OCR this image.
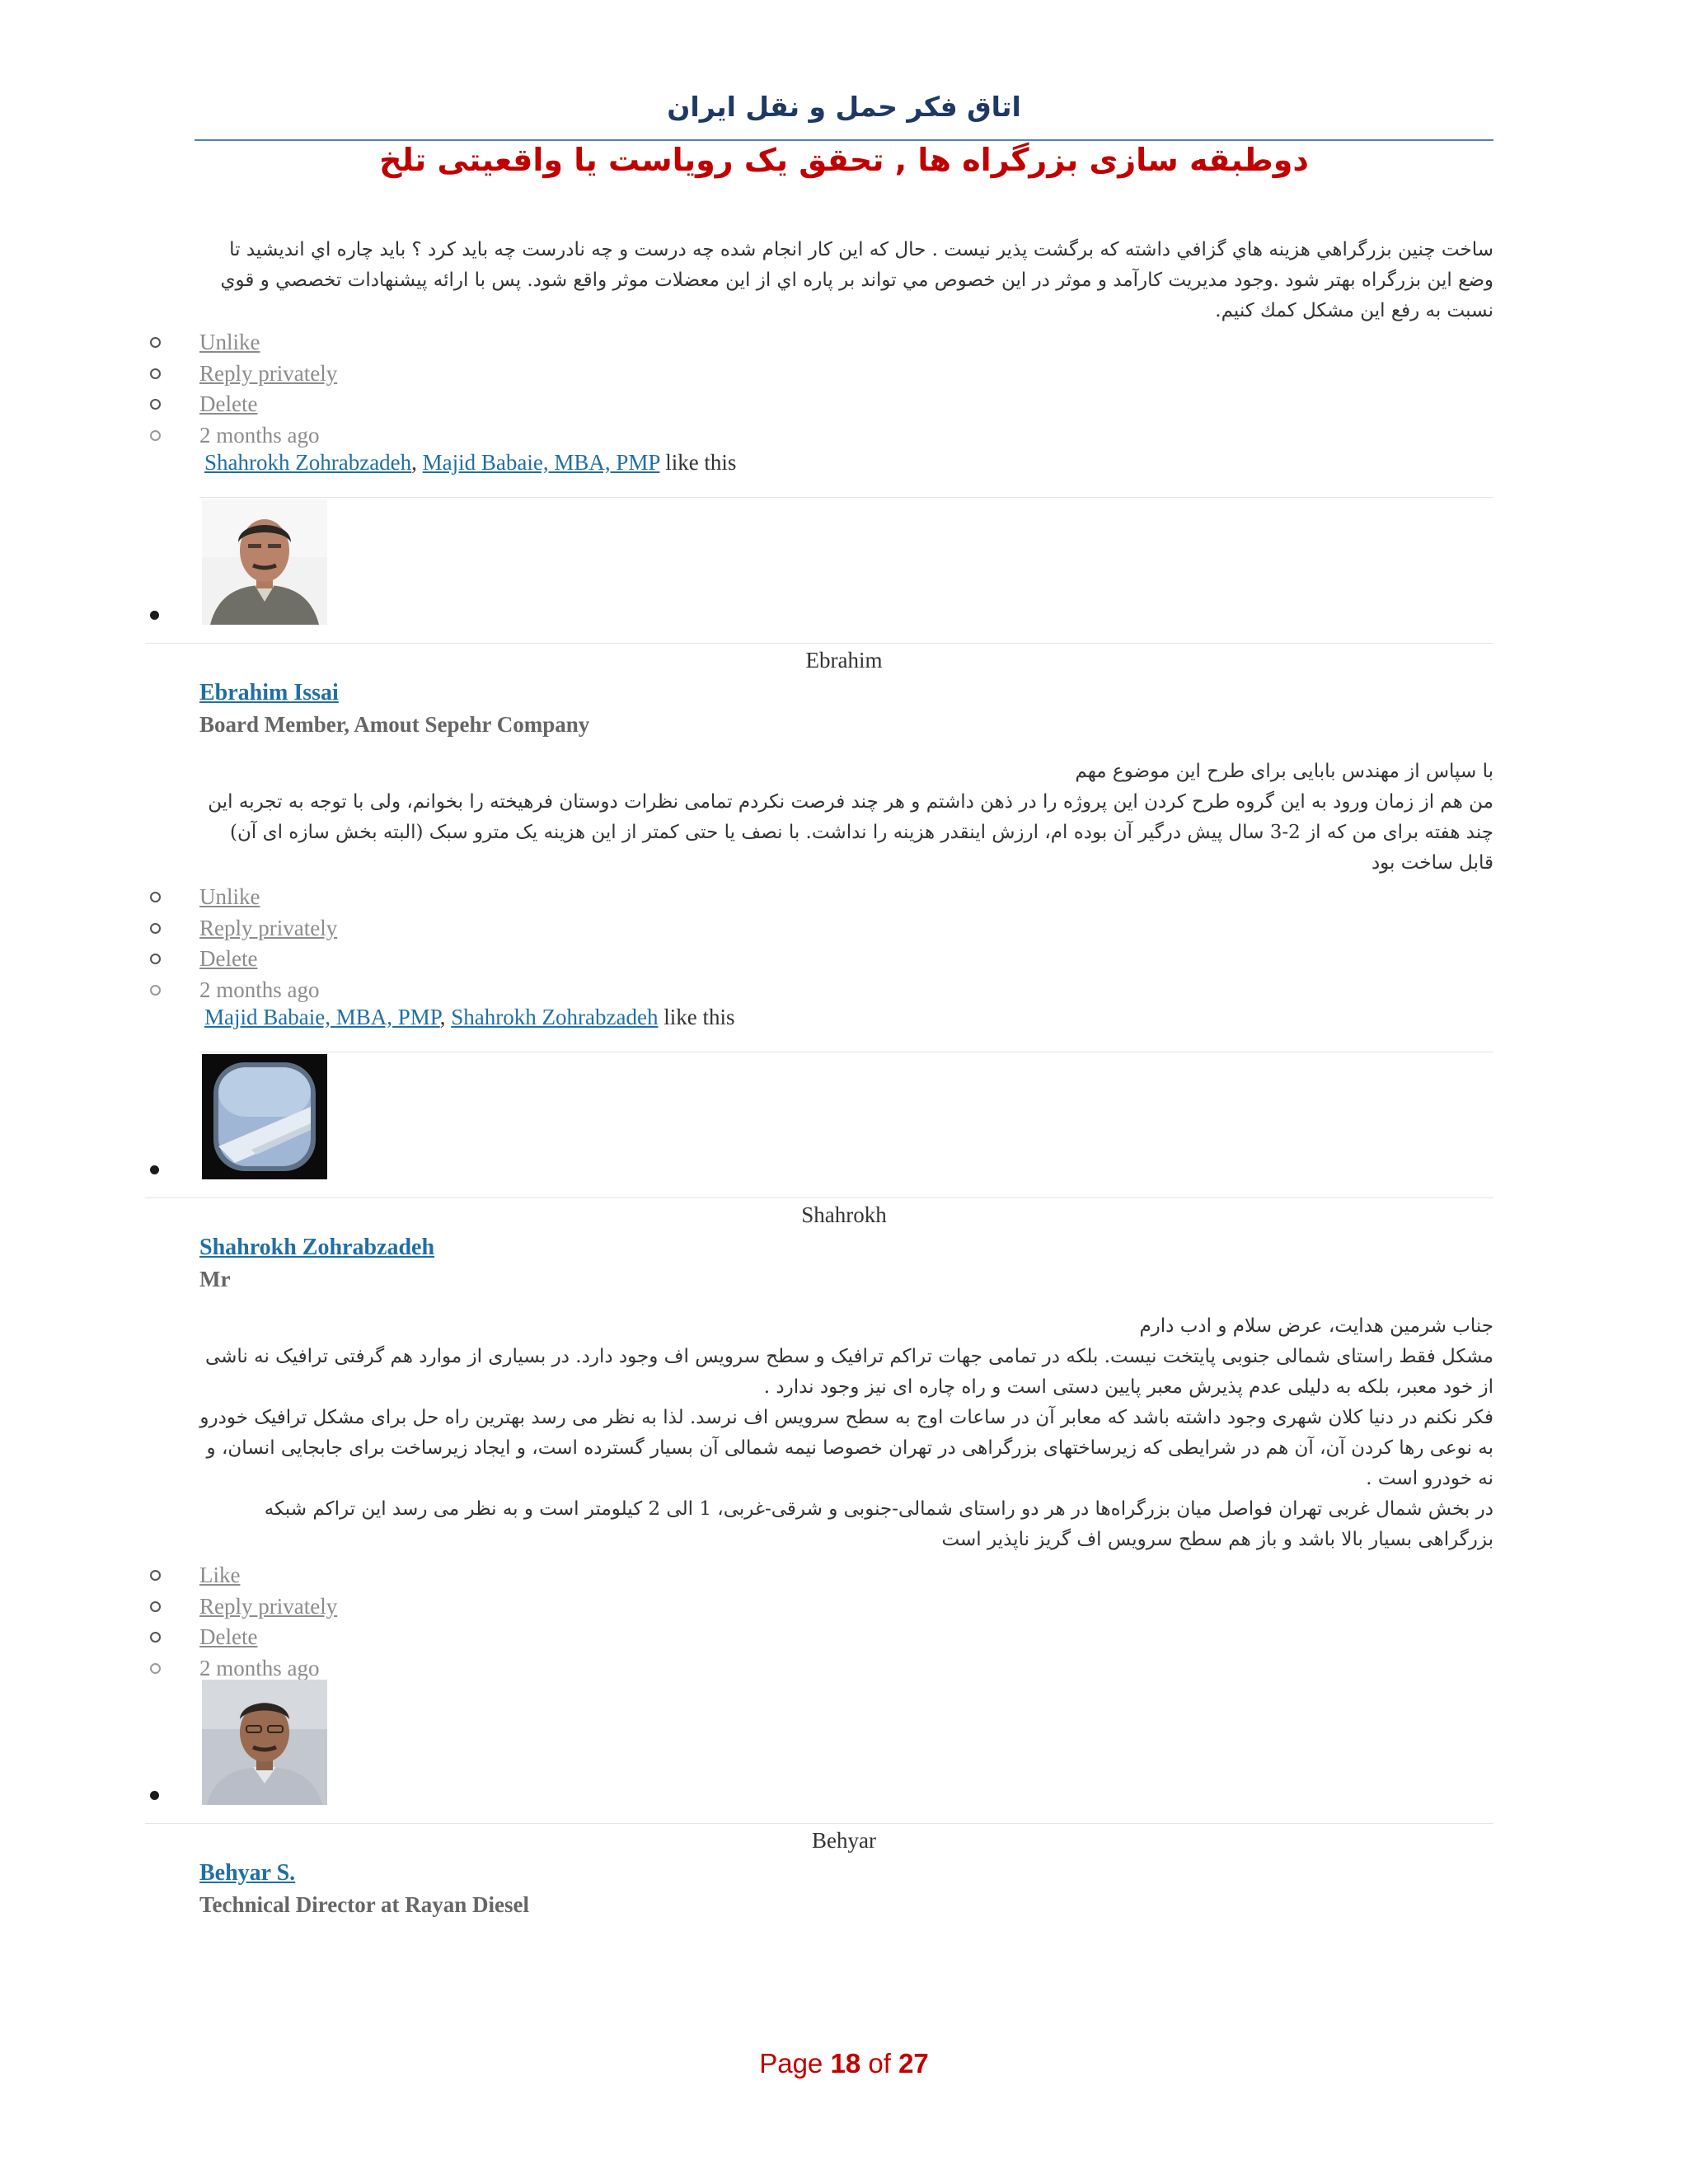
اتاق فکر حمل و نقل ایران
دوطبقه سازی بزرگراه ها , تحقق یک رویاست یا واقعیتی تلخ

ساخت چنين بزرگراهي هزينه هاي گزافي داشته که برگشت پذير نيست . حال که اين کار انجام شده چه درست و چه نادرست چه بايد کرد ؟ بايد چاره اي انديشيد تا وضع اين بزرگراه بهتر شود .وجود مديريت کارآمد و موثر در اين خصوص مي تواند بر پاره اي از اين معضلات موثر واقع شود. پس با ارائه پيشنهادات تخصصي و قوي نسبت به رفع اين مشكل كمك كنيم.

Unlike
Reply privately
Delete
2 months ago
Shahrokh Zohrabzadeh, Majid Babaie, MBA, PMP like this
Ebrahim
Ebrahim Issai
Board Member, Amout Sepehr Company

با سپاس از مهندس بابایی برای طرح این موضوع مهم

من هم از زمان ورود به این گروه طرح کردن این پروژه را در ذهن داشتم و هر چند فرصت نکردم تمامی نظرات دوستان فرهیخته را بخوانم، ولی با توجه به تجربه این چند هفته برای من که از 2-3 سال پیش درگیر آن بوده ام، ارزش اینقدر هزینه را نداشت. با نصف یا حتی کمتر از این هزینه یک مترو سبک (البته بخش سازه ای آن) قابل ساخت بود

Unlike
Reply privately
Delete
2 months ago
Majid Babaie, MBA, PMP, Shahrokh Zohrabzadeh like this
Shahrokh
Shahrokh Zohrabzadeh
Mr

جناب شرمین هدایت، عرض سلام و ادب دارم

مشکل فقط راستای شمالی جنوبی پایتخت نیست. بلکه در تمامی جهات تراکم ترافیک و سطح سرویس اف وجود دارد. در بسیاری از موارد هم گرفتی ترافیک نه ناشی از خود معبر، بلکه به دلیلی عدم پذیرش معبر پایین دستی است و راه چاره ای نیز وجود ندارد .

فکر نکنم در دنیا کلان شهری وجود داشته باشد که معابر آن در ساعات اوج به سطح سرویس اف نرسد. لذا به نظر می رسد بهترین راه حل برای مشکل ترافیک خودرو به نوعی رها کردن آن، آن هم در شرایطی که زیرساختهای بزرگراهی در تهران خصوصا نیمه شمالی آن بسیار گسترده است، و ایجاد زیرساخت برای جابجایی انسان، و نه خودرو است .

در بخش شمال غربی تهران فواصل میان بزرگراه‌ها در هر دو راستای شمالی-جنوبی و شرقی-غربی، 1 الی 2 کیلومتر است و به نظر می رسد این تراکم شبکه بزرگراهی بسیار بالا باشد و باز هم سطح سرویس اف گریز ناپذیر است

Like
Reply privately
Delete
2 months ago
Behyar
Behyar S.
Technical Director at Rayan Diesel
Page 18 of 27
